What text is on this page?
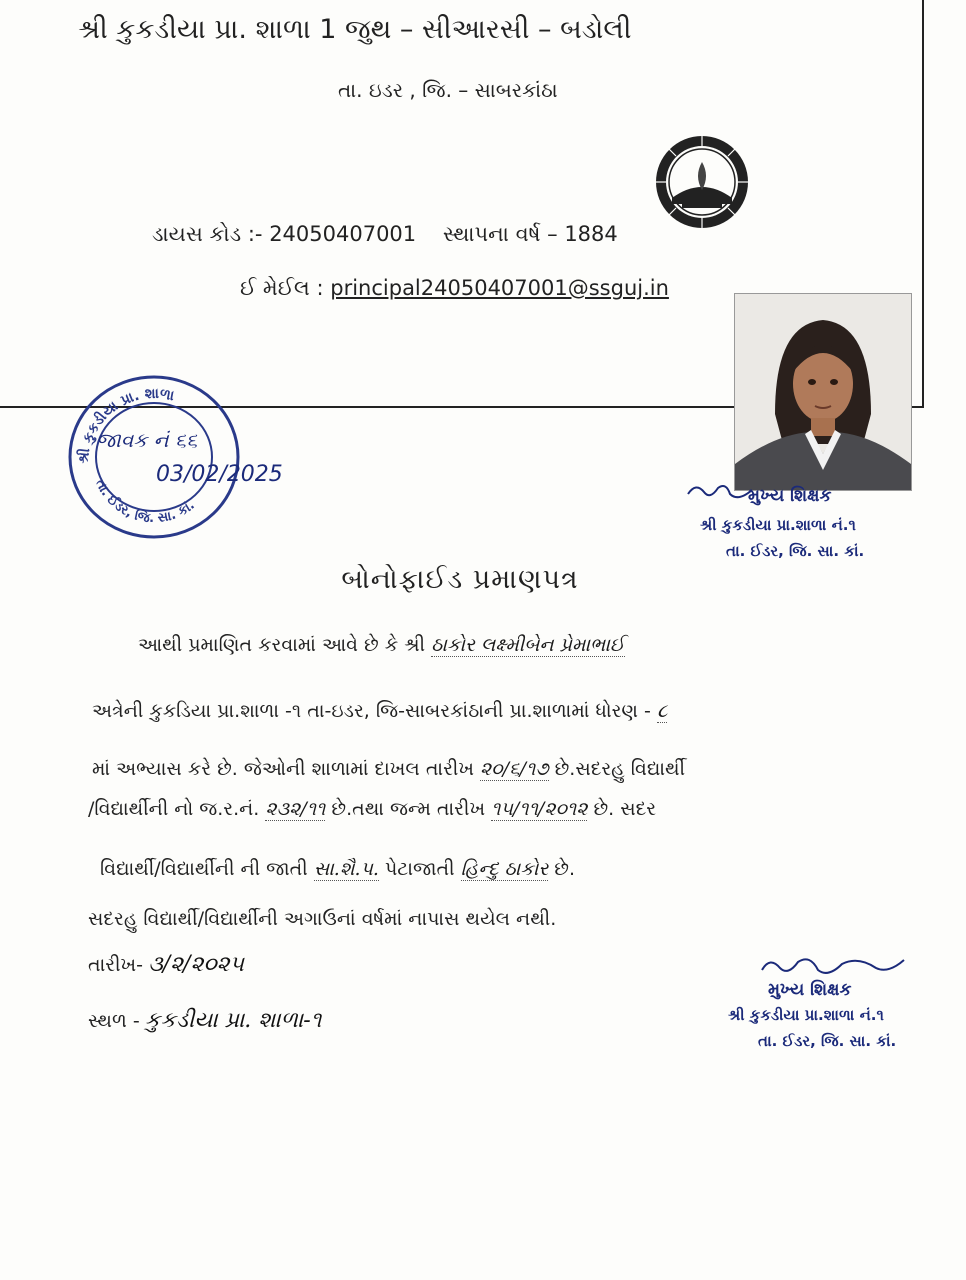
શ્રી કુકડીયા પ્રા. શાળા 1 જુથ – સીઆરસી – બડોલી
તા. ઇડર , જિ. – સાબરકાંઠા
ડાયસ કોડ :- 24050407001 સ્થાપના વર્ષ – 1884
ઈ મેઈલ : principal24050407001@ssguj.in
શ્રી કુકડીયા પ્રા. શાળા
તા. ઈડર, જિ. સા. કાં.
જાવક નં ૬૬
03/02/2025
મુખ્ય શિક્ષક
શ્રી કુકડીયા પ્રા.શાળા નં.૧
તા. ઈડર, જિ. સા. કાં.
બોનોફાઈડ પ્રમાણપત્ર
આથી પ્રમાણિત કરવામાં આવે છે કે શ્રી ઠાકોર લક્ષ્મીબેન પ્રેમાભાઈ
અત્રેની કુકડિયા પ્રા.શાળા -૧ તા-ઇડર, જિ-સાબરકાંઠાની પ્રા.શાળામાં ધોરણ - ૮
માં અભ્યાસ કરે છે. જેઓની શાળામાં દાખલ તારીખ ૨૦/૬/૧૭ છે.સદરહુ વિદ્યાર્થી
/વિદ્યાર્થીની નો જ.ર.નં. ૨૩૨/૧૧ છે.તથા જન્મ તારીખ ૧૫/૧૧/૨૦૧૨ છે. સદર
વિદ્યાર્થી/વિદ્યાર્થીની ની જાતી સા.શૈ.પ. પેટાજાતી હિન્દુ ઠાકોર છે.
સદરહુ વિદ્યાર્થી/વિદ્યાર્થીની અગાઉનાં વર્ષમાં નાપાસ થયેલ નથી.
તારીખ- ૩/૨/૨૦૨૫
સ્થળ - કુકડીયા પ્રા. શાળા-૧
મુખ્ય શિક્ષક
શ્રી કુકડીયા પ્રા.શાળા નં.૧
તા. ઈડર, જિ. સા. કાં.
